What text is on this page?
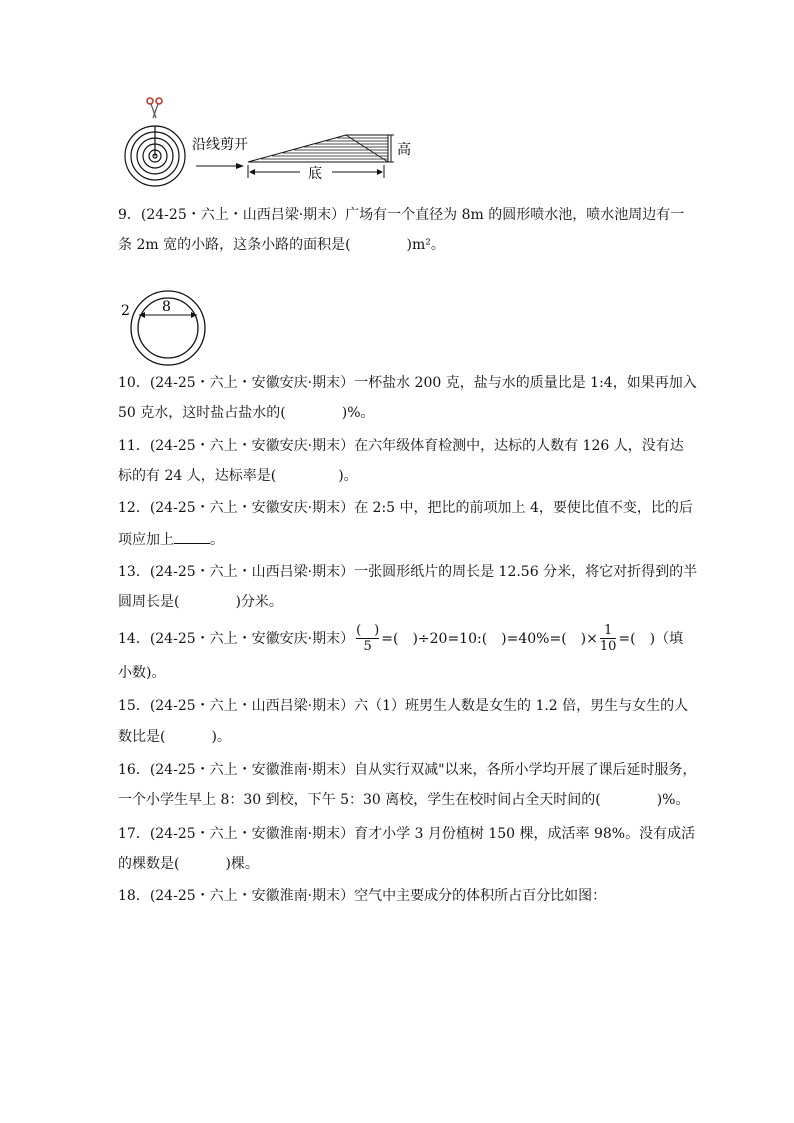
沿线剪开	高
底
9．(24-25・六上・山西吕梁·期末）广场有一个直径为 8m 的圆形喷水池，喷水池周边有一
条 2m 宽的小路，这条小路的面积是(	)m²。
2 8
10．(24-25・六上・安徽安庆·期末）一杯盐水 200 克，盐与水的质量比是 1:4，如果再加入
50 克水，这时盐占盐水的(	)%。
11．(24-25・六上・安徽安庆·期末）在六年级体育检测中，达标的人数有 126 人，没有达
标的有 24 人，达标率是(	)。
12．(24-25・六上・安徽安庆·期末）在 2:5 中，把比的前项加上 4，要使比值不变，比的后
项应加上	。
13．(24-25・六上・山西吕梁·期末）一张圆形纸片的周长是 12.56 分米，将它对折得到的半
圆周长是(	)分米。
14．(24-25・六上・安徽安庆·期末） $\frac{( )}{5}$ =(　)÷20=10:(　)=40%=(　)× $\frac{1}{10}$ =(　)（填
小数)。
15．(24-25・六上・山西吕梁·期末）六（1）班男生人数是女生的 1.2 倍，男生与女生的人
数比是(	)。
16．(24-25・六上・安徽淮南·期末）自从实行双减"以来，各所小学均开展了课后延时服务，
一个小学生早上 8：30 到校，下午 5：30 离校，学生在校时间占全天时间的(	)%。
17．(24-25・六上・安徽淮南·期末）育才小学 3 月份植树 150 棵，成活率 98%。没有成活
的棵数是(	)棵。
18．(24-25・六上・安徽淮南·期末）空气中主要成分的体积所占百分比如图：
